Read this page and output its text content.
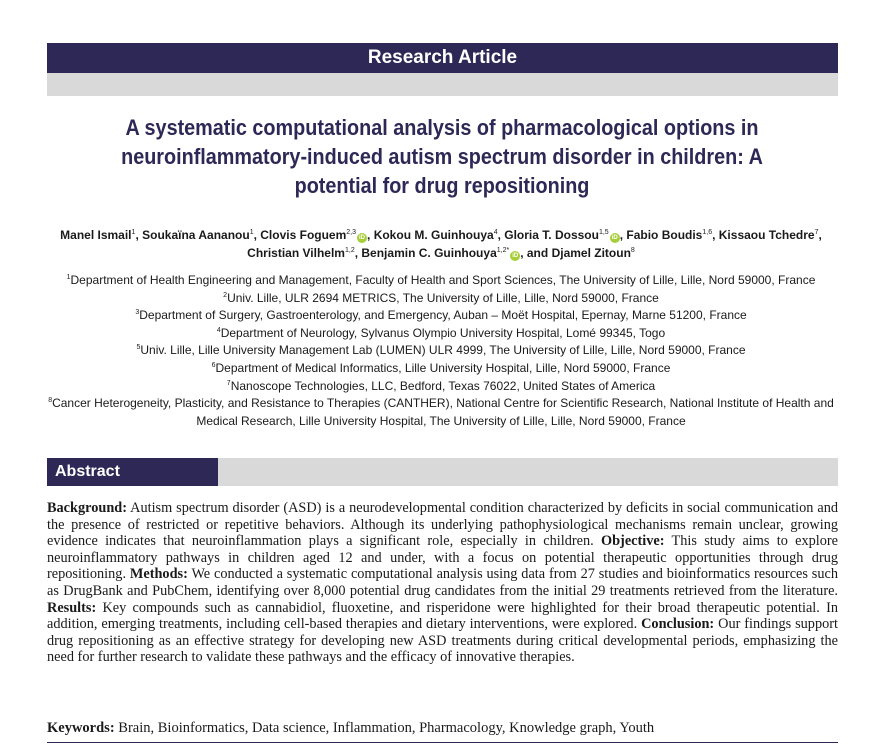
Research Article
A systematic computational analysis of pharmacological options in neuroinflammatory-induced autism spectrum disorder in children: A potential for drug repositioning
Manel Ismail$^1$, Soukaïna Aananou$^1$, Clovis Foguem$^{2,3}$iD , Kokou M. Guinhouya$^4$, Gloria T. Dossou$^{1,5}$iD , Fabio Boudis$^{1,6}$, Kissaou Tchedre$^7$,
Christian Vilhelm$^{1,2}$, Benjamin C. Guinhouya$^{1,2*}$iD , and Djamel Zitoun$^8$
$^1$Department of Health Engineering and Management, Faculty of Health and Sport Sciences, The University of Lille, Lille, Nord 59000, France
$^2$Univ. Lille, ULR 2694 METRICS, The University of Lille, Lille, Nord 59000, France
$^3$Department of Surgery, Gastroenterology, and Emergency, Auban – Moët Hospital, Epernay, Marne 51200, France
$^4$Department of Neurology, Sylvanus Olympio University Hospital, Lomé 99345, Togo
$^5$Univ. Lille, Lille University Management Lab (LUMEN) ULR 4999, The University of Lille, Lille, Nord 59000, France
$^6$Department of Medical Informatics, Lille University Hospital, Lille, Nord 59000, France
$^7$Nanoscope Technologies, LLC, Bedford, Texas 76022, United States of America
$^8$Cancer Heterogeneity, Plasticity, and Resistance to Therapies (CANTHER), National Centre for Scientific Research, National Institute of Health and Medical Research, Lille University Hospital, The University of Lille, Lille, Nord 59000, France
Abstract

Background: Autism spectrum disorder (ASD) is a neurodevelopmental condition characterized by deficits in social communication and the presence of restricted or repetitive behaviors. Although its underlying pathophysiological mechanisms remain unclear, growing evidence indicates that neuroinflammation plays a significant role, especially in children. Objective: This study aims to explore neuroinflammatory pathways in children aged 12 and under, with a focus on potential therapeutic opportunities through drug repositioning. Methods: We conducted a systematic computational analysis using data from 27 studies and bioinformatics resources such as DrugBank and PubChem, identifying over 8,000 potential drug candidates from the initial 29 treatments retrieved from the literature. Results: Key compounds such as cannabidiol, fluoxetine, and risperidone were highlighted for their broad therapeutic potential. In addition, emerging treatments, including cell-based therapies and dietary interventions, were explored. Conclusion: Our findings support drug repositioning as an effective strategy for developing new ASD treatments during critical developmental periods, emphasizing the need for further research to validate these pathways and the efficacy of innovative therapies.

Keywords: Brain, Bioinformatics, Data science, Inflammation, Pharmacology, Knowledge graph, Youth
